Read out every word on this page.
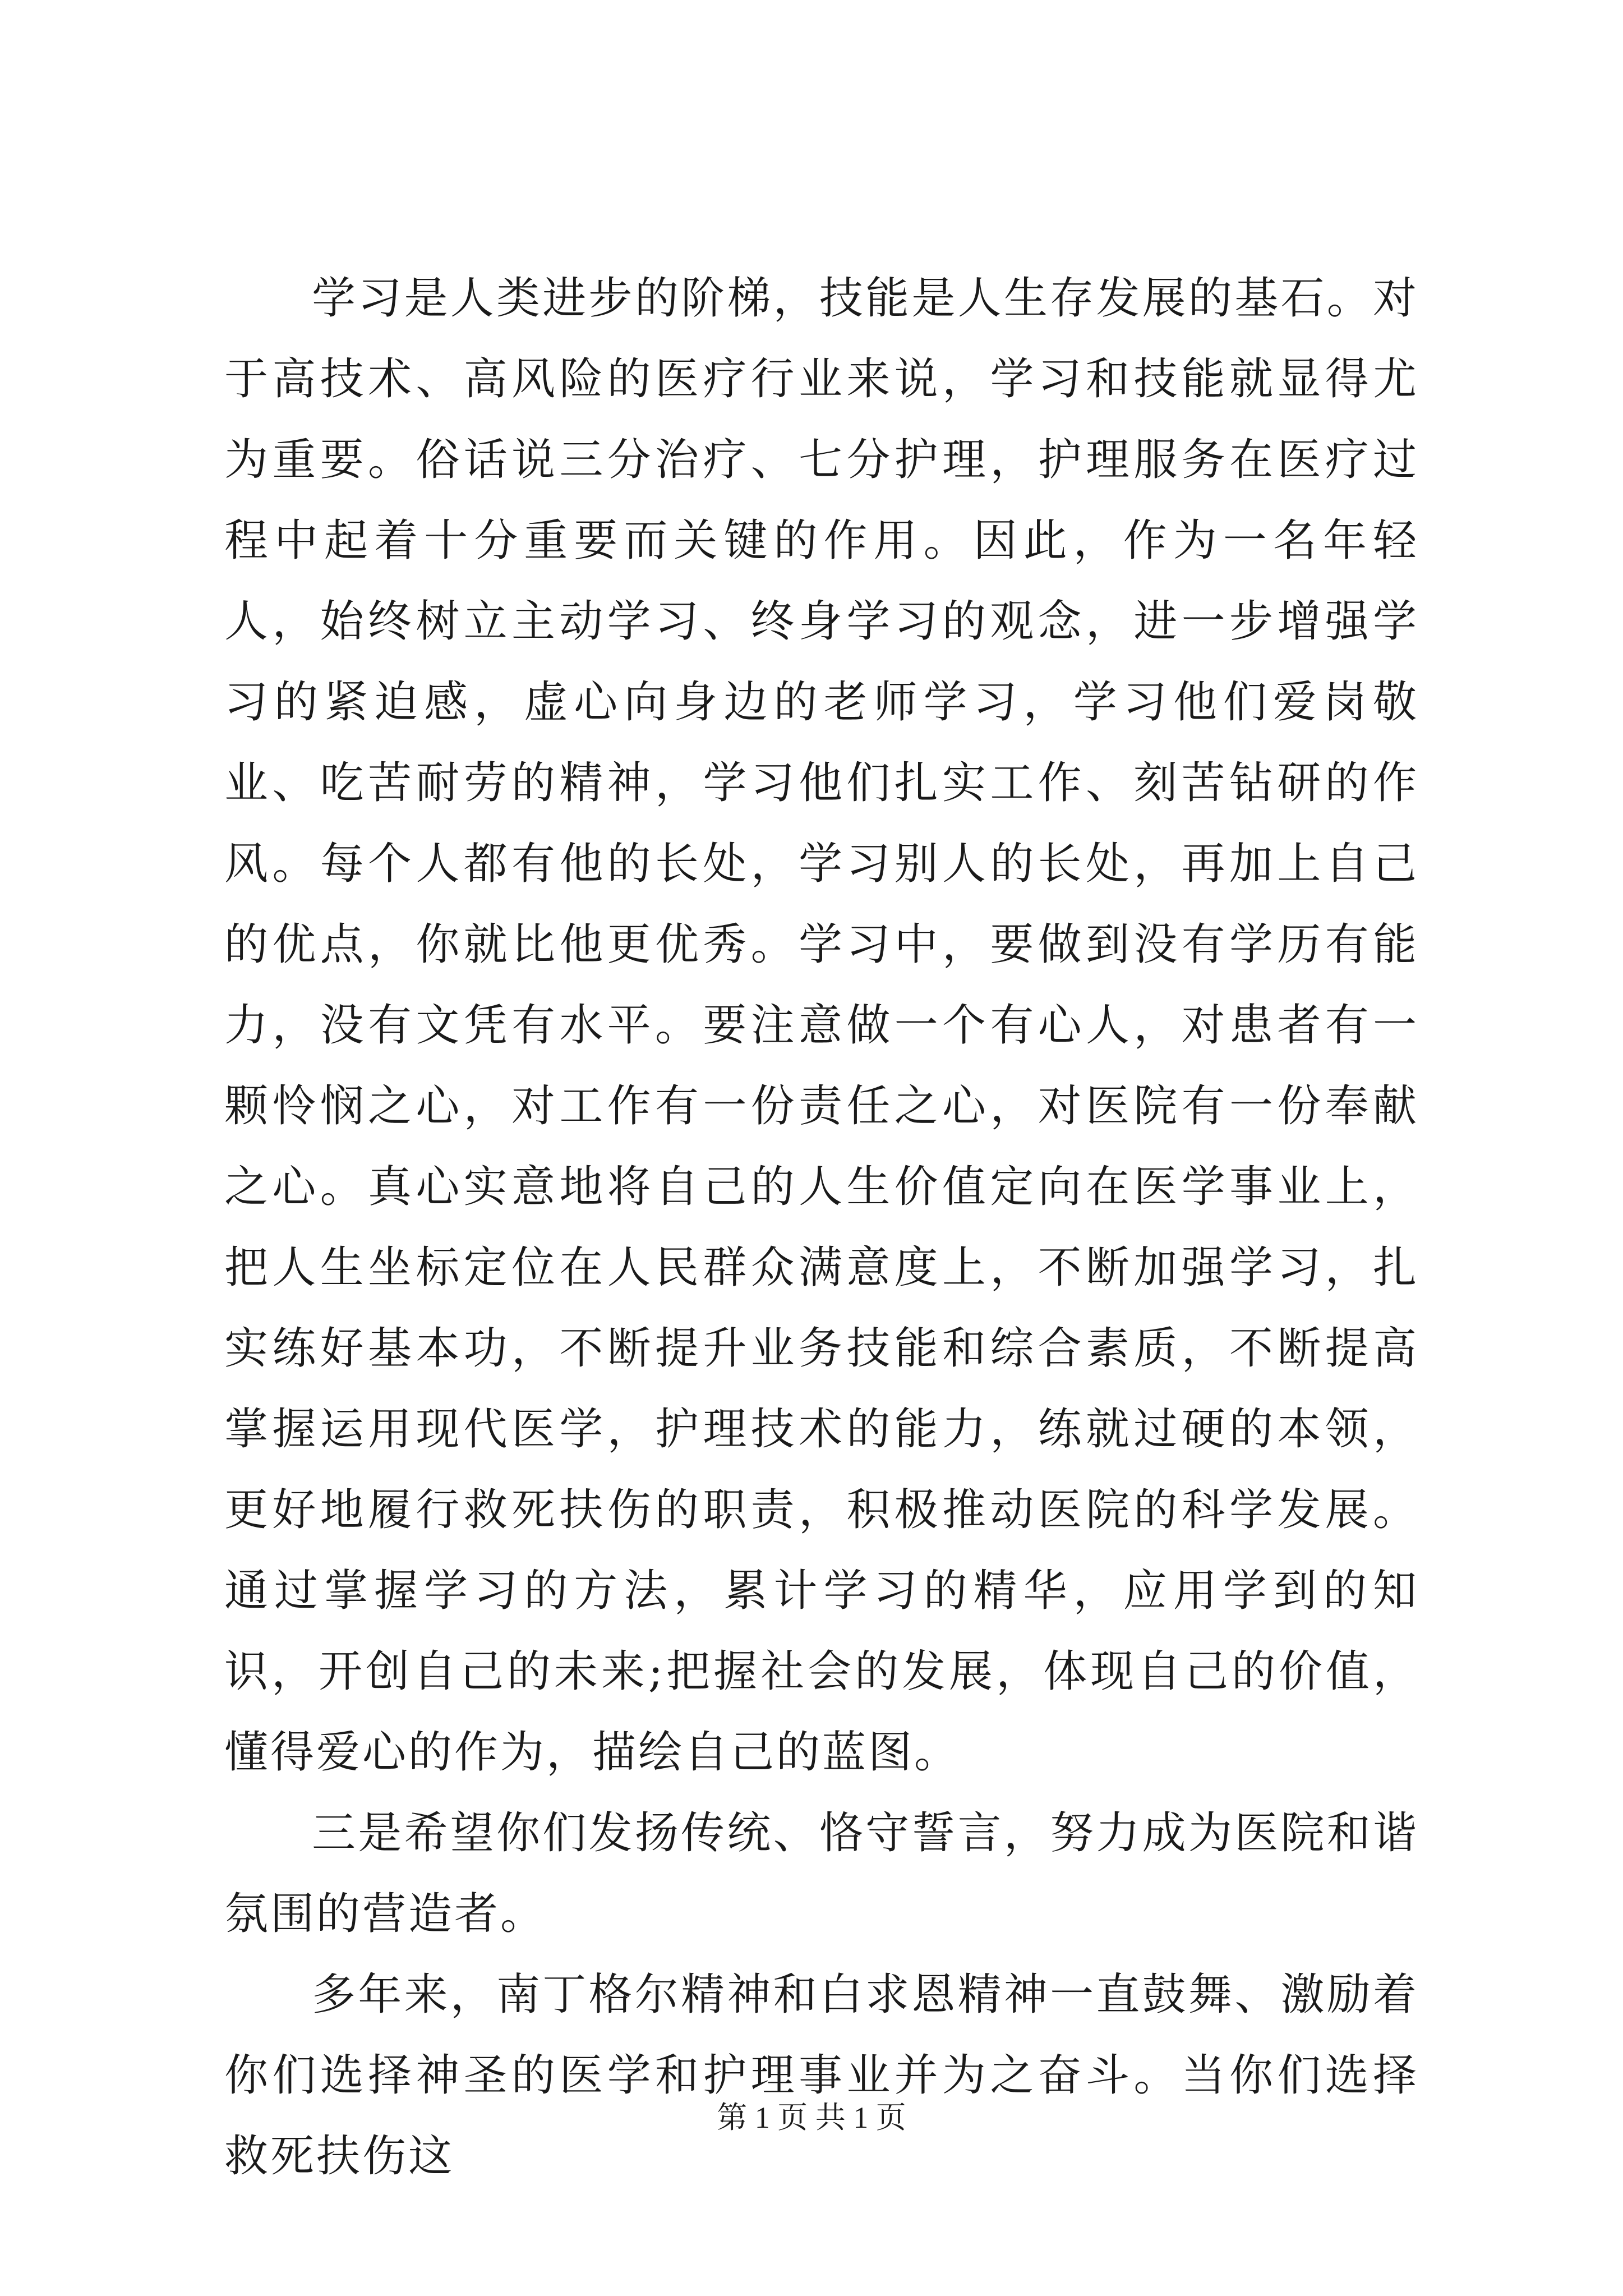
学习是人类进步的阶梯，技能是人生存发展的基石。对于高技术、高风险的医疗行业来说，学习和技能就显得尤为重要。俗话说三分治疗、七分护理，护理服务在医疗过程中起着十分重要而关键的作用。因此，作为一名年轻人，始终树立主动学习、终身学习的观念，进一步增强学习的紧迫感，虚心向身边的老师学习，学习他们爱岗敬业、吃苦耐劳的精神，学习他们扎实工作、刻苦钻研的作风。每个人都有他的长处，学习别人的长处，再加上自己的优点，你就比他更优秀。学习中，要做到没有学历有能力，没有文凭有水平。要注意做一个有心人，对患者有一颗怜悯之心，对工作有一份责任之心，对医院有一份奉献之心。真心实意地将自己的人生价值定向在医学事业上，把人生坐标定位在人民群众满意度上，不断加强学习，扎实练好基本功，不断提升业务技能和综合素质，不断提高掌握运用现代医学，护理技术的能力，练就过硬的本领，更好地履行救死扶伤的职责，积极推动医院的科学发展。通过掌握学习的方法，累计学习的精华，应用学到的知识，开创自己的未来;把握社会的发展，体现自己的价值，懂得爱心的作为，描绘自己的蓝图。

三是希望你们发扬传统、恪守誓言，努力成为医院和谐氛围的营造者。

多年来，南丁格尔精神和白求恩精神一直鼓舞、激励着你们选择神圣的医学和护理事业并为之奋斗。当你们选择救死扶伤这

第 1 页 共 1 页
